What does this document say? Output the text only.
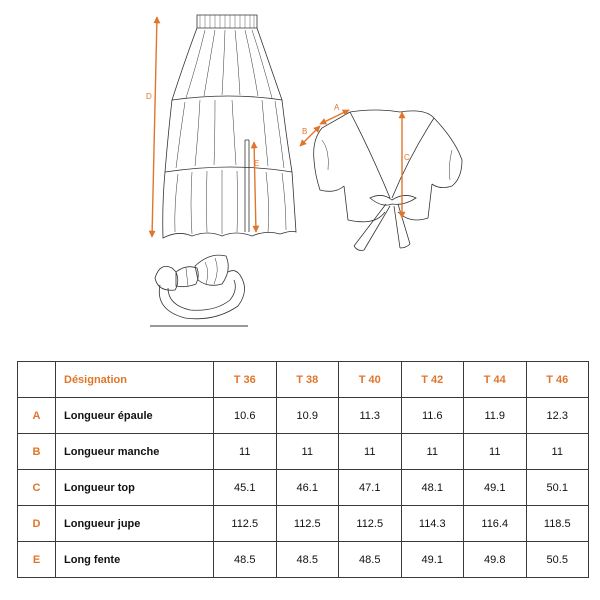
D
E
A
B
C
	Désignation	T 36	T 38	T 40	T 42	T 44	T 46
A	Longueur épaule	10.6	10.9	11.3	11.6	11.9	12.3
B	Longueur manche	11	11	11	11	11	11
C	Longueur top	45.1	46.1	47.1	48.1	49.1	50.1
D	Longueur jupe	112.5	112.5	112.5	114.3	116.4	118.5
E	Long fente	48.5	48.5	48.5	49.1	49.8	50.5
